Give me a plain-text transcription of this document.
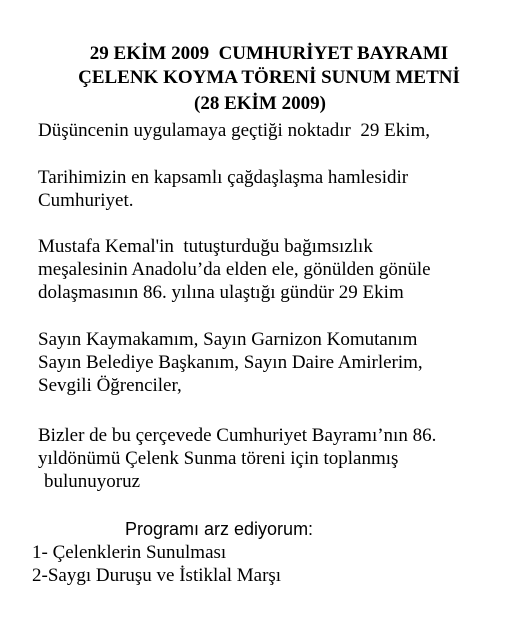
29 EKİM 2009  CUMHURİYET BAYRAMI
ÇELENK KOYMA TÖRENİ SUNUM METNİ
(28 EKİM 2009)
Düşüncenin uygulamaya geçtiği noktadır  29 Ekim,
Tarihimizin en kapsamlı çağdaşlaşma hamlesidir
Cumhuriyet.
Mustafa Kemal'in  tutuşturduğu bağımsızlık
meşalesinin Anadolu’da elden ele, gönülden gönüle
dolaşmasının 86. yılına ulaştığı gündür 29 Ekim
Sayın Kaymakamım, Sayın Garnizon Komutanım
Sayın Belediye Başkanım, Sayın Daire Amirlerim,
Sevgili Öğrenciler,
Bizler de bu çerçevede Cumhuriyet Bayramı’nın 86.
yıldönümü Çelenk Sunma töreni için toplanmış
bulunuyoruz
Programı arz ediyorum:
1- Çelenklerin Sunulması
2-Saygı Duruşu ve İstiklal Marşı
